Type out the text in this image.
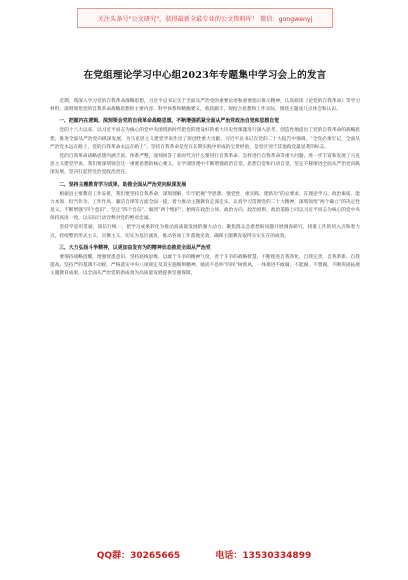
关注头条号"公文研究"，获得最新全最专业的公文资料库！ 微信：gongwenyj
在党组理论学习中心组2023年专题集中学习会上的发言

近期，我深入学习党的自我革命战略思想，习近平总书记关于全面从严治党的重要论述和重要指示批示精神，认真研读《论党的自我革命》等学习材料，深刻领悟党的自我革命战略思想的主要内容、科学体系和精髓要义，收获颇丰，现结合思想和工作实际，围绕主题谈几点体会和认识。

一、把握内在逻辑，深刻领会党的自我革命战略思想，不断增强抓紧全面从严治党政治自觉和思想自觉

党的十八大以来，以习近平同志为核心的党中央围绕新时代把党的建设好的重大历史性课题进行深入思考，创造性地提出了党的自我革命的战略思想，推进全面从严治党向纵深发展，为马克思主义建党学说作出了原创性重大贡献。习近平总书记在党的二十大报告中强调，“全党必须牢记，全面从严治党永远在路上，党的自我革命永远在路上”。坚持自我革命是党在长期实践中形成的宝贵经验，是党区别于其他政党最显著的标志。

党的自我革命战略思想内涵丰富、体系严整，深刻回答了新时代为什么要进行自我革命、怎样进行自我革命等重大问题，进一步丰富和发展了马克思主义建党学说。我们要深刻领会这一重要思想的核心要义，在学深悟透中不断增强政治自觉、思想自觉和行动自觉，坚定不移推进全面从严治党向纵深发展，坚决扛起管党治党政治责任。

二、坚持主题教育学习成果，助推全面从严治党向纵深发展

根据县主要教育工作安排，我们要坚持自我革命，深刻理解，牢牢把握“学思想、强党性、重实践、建新功”的总要求，在理论学习、政治素质、能力本领、担当作为、工作作风、廉洁自律等方面全面一提，着力推动主题教育走深走实。认真学习贯彻党的二十大精神，深刻领悟“两个确立”的决定性意义，不断增强“四个意识”、坚定“四个自信”、做到“两个维护”，始终在政治立场、政治方向、政治原则、政治道路上同以习近平同志为核心的党中央保持高度一致，以实际行动诠释对党的绝对忠诚。

坚持学思用贯通、知信行统一，把学习成果转化为推动高质量发展的强大动力，聚焦群众急难愁盼问题开展调查研究，找准工作的切入点和着力点，持续整治形式主义、官僚主义，切实为基层减负，推动各项工作落地见效，确保主题教育取得实实在在的成效。

三、大力弘扬斗争精神，以更加奋发有为的精神状态推进全面从严治党

要保持战略清醒，增强忧患意识，坚持底线思维，以敢于斗争的精神气度、善于斗争的战略智慧，不断推进自我净化、自我完善、自我革新、自我提高。坚持严的基调不动摇，严格落实中央八项规定及其实施细则精神，驰而不息纠“四风”树新风，一体推进不敢腐、不能腐、不想腐，不断巩固拓展主题教育成果，以全面从严治党的新成效为高质量发展提供坚强保障。

QQ群：30265665	电话：13530334899
